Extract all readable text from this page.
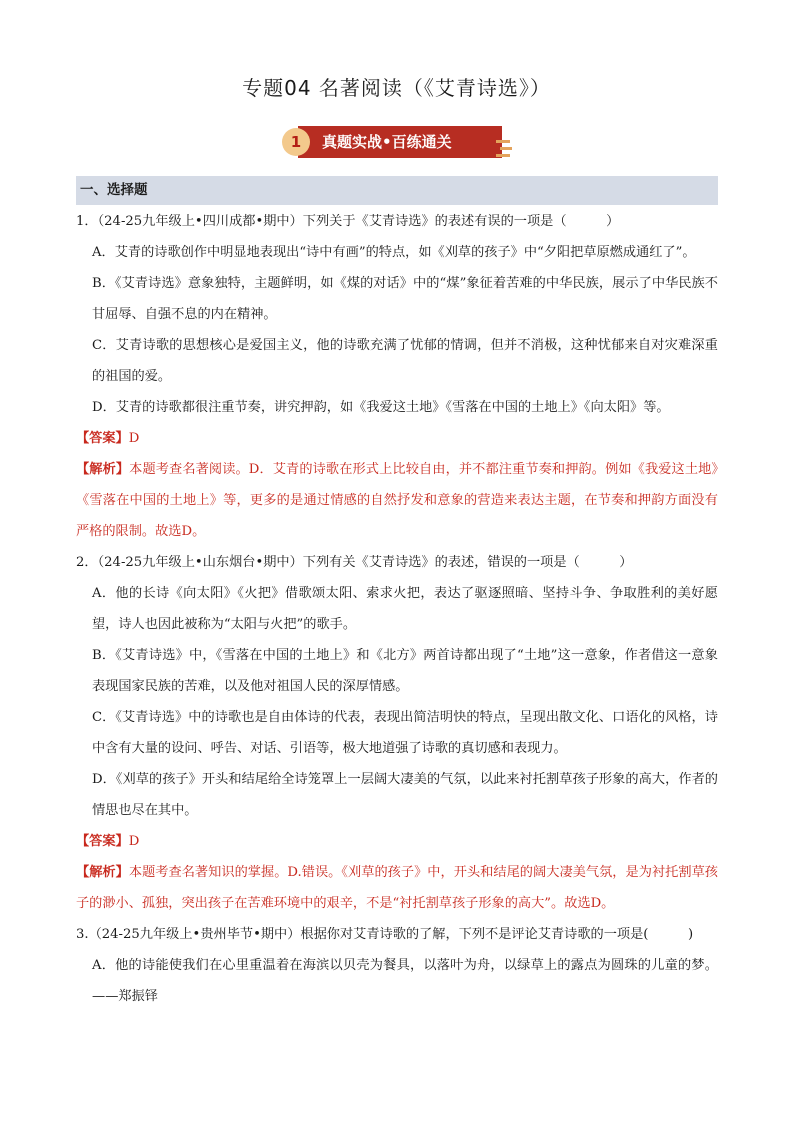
专题04 名著阅读（《艾青诗选》）
真题实战•百练通关
1
一、选择题

1．（24-25九年级上•四川成都•期中）下列关于《艾青诗选》的表述有误的一项是（　　　）

A．艾青的诗歌创作中明显地表现出“诗中有画”的特点，如《刈草的孩子》中“夕阳把草原燃成通红了”。

B．《艾青诗选》意象独特，主题鲜明，如《煤的对话》中的“煤”象征着苦难的中华民族，展示了中华民族不甘屈辱、自强不息的内在精神。

C．艾青诗歌的思想核心是爱国主义，他的诗歌充满了忧郁的情调，但并不消极，这种忧郁来自对灾难深重的祖国的爱。

D．艾青的诗歌都很注重节奏，讲究押韵，如《我爱这土地》《雪落在中国的土地上》《向太阳》等。

【答案】D

【解析】本题考查名著阅读。D．艾青的诗歌在形式上比较自由，并不都注重节奏和押韵。例如《我爱这土地》《雪落在中国的土地上》等，更多的是通过情感的自然抒发和意象的营造来表达主题，在节奏和押韵方面没有严格的限制。故选D。

2．（24-25九年级上•山东烟台•期中）下列有关《艾青诗选》的表述，错误的一项是（　　　）

A．他的长诗《向太阳》《火把》借歌颂太阳、索求火把，表达了驱逐照暗、坚持斗争、争取胜利的美好愿望，诗人也因此被称为“太阳与火把”的歌手。

B．《艾青诗选》中，《雪落在中国的土地上》和《北方》两首诗都出现了“土地”这一意象，作者借这一意象表现国家民族的苦难，以及他对祖国人民的深厚情感。

C．《艾青诗选》中的诗歌也是自由体诗的代表，表现出简洁明快的特点，呈现出散文化、口语化的风格，诗中含有大量的设问、呼告、对话、引语等，极大地道强了诗歌的真切感和表现力。

D．《刈草的孩子》开头和结尾给全诗笼罩上一层阔大凄美的气氛，以此来衬托割草孩子形象的高大，作者的情思也尽在其中。

【答案】D

【解析】本题考查名著知识的掌握。D.错误。《刈草的孩子》中，开头和结尾的阔大凄美气氛，是为衬托割草孩子的渺小、孤独，突出孩子在苦难环境中的艰辛，不是“衬托割草孩子形象的高大”。故选D。

3.（24-25九年级上•贵州毕节•期中）根据你对艾青诗歌的了解，下列不是评论艾青诗歌的一项是(　　　)

A．他的诗能使我们在心里重温着在海滨以贝壳为餐具，以落叶为舟，以绿草上的露点为圆珠的儿童的梦。——郑振铎
